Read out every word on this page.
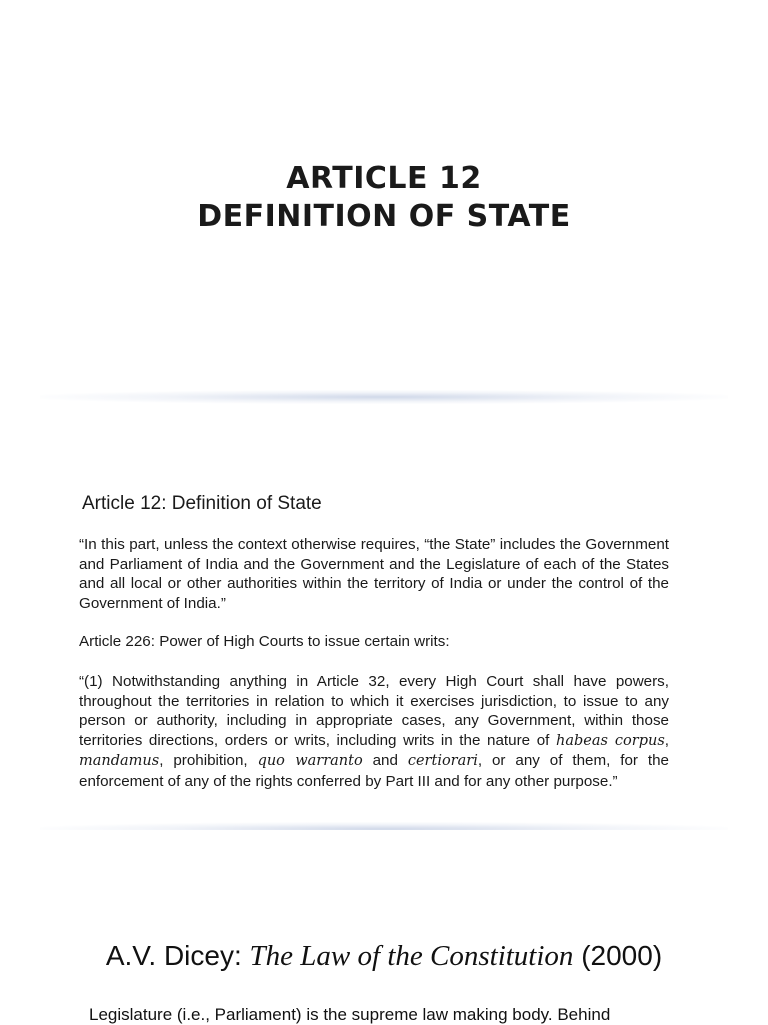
ARTICLE 12
DEFINITION OF STATE
Article 12: Definition of State
“In this part, unless the context otherwise requires, “the State” includes the Government and Parliament of India and the Government and the Legislature of each of the States and all local or other authorities within the territory of India or under the control of the Government of India.”
Article 226: Power of High Courts to issue certain writs:
“(1) Notwithstanding anything in Article 32, every High Court shall have powers, throughout the territories in relation to which it exercises jurisdiction, to issue to any person or authority, including in appropriate cases, any Government, within those territories directions, orders or writs, including writs in the nature of habeas corpus, mandamus, prohibition, quo warranto and certiorari, or any of them, for the enforcement of any of the rights conferred by Part III and for any other purpose.”
A.V. Dicey: The Law of the Constitution (2000)
Legislature (i.e., Parliament) is the supreme law making body. Behind
